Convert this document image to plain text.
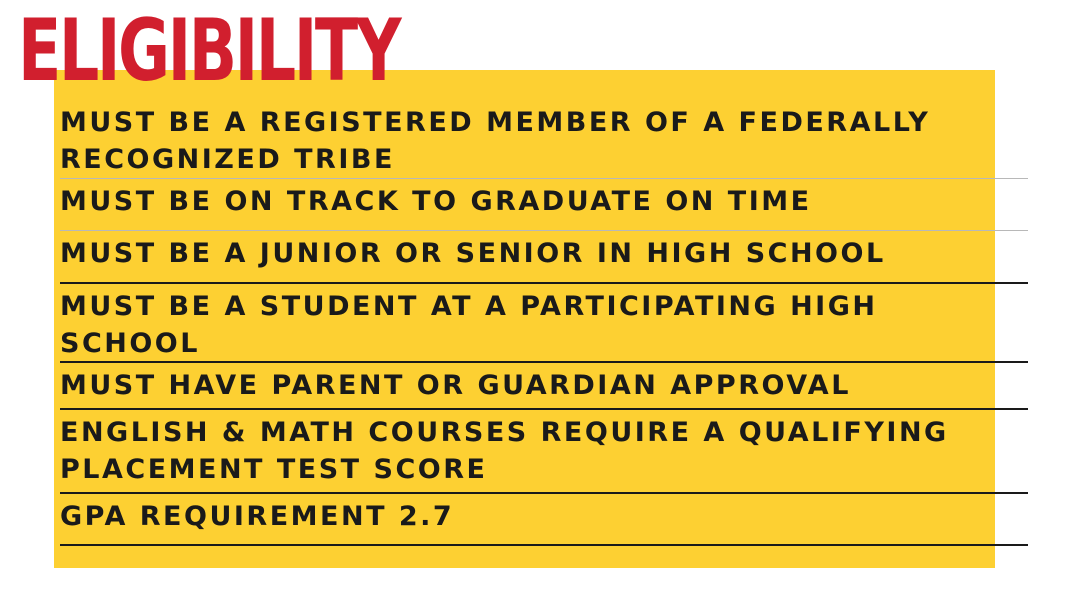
ELIGIBILITY
MUST BE A REGISTERED MEMBER OF A FEDERALLY RECOGNIZED TRIBE
MUST BE ON TRACK TO GRADUATE ON TIME
MUST BE A JUNIOR OR SENIOR IN HIGH SCHOOL
MUST BE A STUDENT AT A PARTICIPATING HIGH SCHOOL
MUST HAVE PARENT OR GUARDIAN APPROVAL
ENGLISH & MATH COURSES REQUIRE A QUALIFYING PLACEMENT TEST SCORE
GPA REQUIREMENT 2.7
